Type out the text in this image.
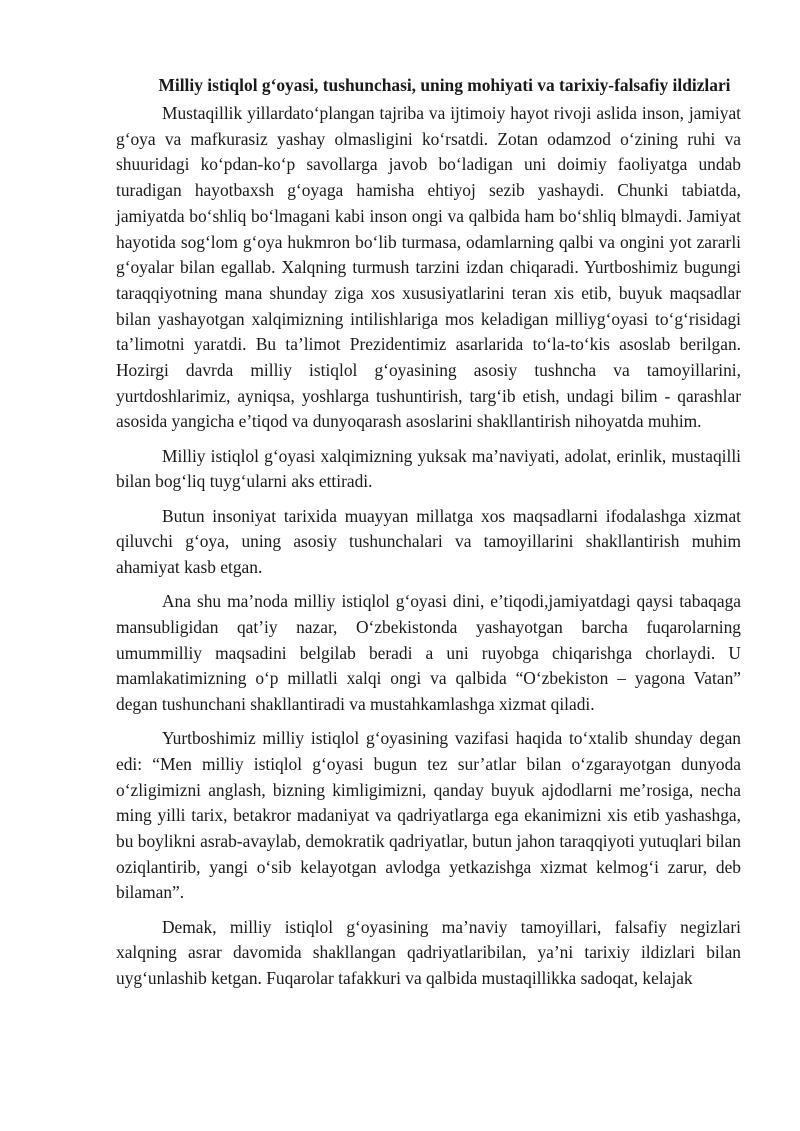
Milliy istiqlol g‘oyasi, tushunchasi, uning mohiyati va tarixiy-falsafiy ildizlari

Mustaqillik yillardato‘plangan tajriba va ijtimoiy hayot rivoji aslida inson, jamiyat g‘oya va mafkurasiz yashay olmasligini ko‘rsatdi. Zotan odamzod o‘zining ruhi va shuuridagi ko‘pdan-ko‘p savollarga javob bo‘ladigan uni doimiy faoliyatga undab turadigan hayotbaxsh g‘oyaga hamisha ehtiyoj sezib yashaydi. Chunki tabiatda, jamiyatda bo‘shliq bo‘lmagani kabi inson ongi va qalbida ham bo‘shliq blmaydi. Jamiyat hayotida sog‘lom g‘oya hukmron bo‘lib turmasa, odamlarning qalbi va ongini yot zararli g‘oyalar bilan egallab. Xalqning turmush tarzini izdan chiqaradi. Yurtboshimiz bugungi taraqqiyotning mana shunday ziga xos xususiyatlarini teran xis etib, buyuk maqsadlar bilan yashayotgan xalqimizning intilishlariga mos keladigan milliyg‘oyasi to‘g‘risidagi ta’limotni yaratdi. Bu ta’limot Prezidentimiz asarlarida to‘la-to‘kis asoslab berilgan. Hozirgi davrda milliy istiqlol g‘oyasining asosiy tushncha va tamoyillarini, yurtdoshlarimiz, ayniqsa, yoshlarga tushuntirish, targ‘ib etish, undagi bilim - qarashlar asosida yangicha e’tiqod va dunyoqarash asoslarini shakllantirish nihoyatda muhim.

Milliy istiqlol g‘oyasi xalqimizning yuksak ma’naviyati, adolat, erinlik, mustaqilli bilan bog‘liq tuyg‘ularni aks ettiradi.

Butun insoniyat tarixida muayyan millatga xos maqsadlarni ifodalashga xizmat qiluvchi g‘oya, uning asosiy tushunchalari va tamoyillarini shakllantirish muhim ahamiyat kasb etgan.

Ana shu ma’noda milliy istiqlol g‘oyasi dini, e’tiqodi,jamiyatdagi qaysi tabaqaga mansubligidan qat’iy nazar, O‘zbekistonda yashayotgan barcha fuqarolarning umummilliy maqsadini belgilab beradi a uni ruyobga chiqarishga chorlaydi. U mamlakatimizning o‘p millatli xalqi ongi va qalbida “O‘zbekiston – yagona Vatan” degan tushunchani shakllantiradi va mustahkamlashga xizmat qiladi.

Yurtboshimiz milliy istiqlol g‘oyasining vazifasi haqida to‘xtalib shunday degan edi: “Men milliy istiqlol g‘oyasi bugun tez sur’atlar bilan o‘zgarayotgan dunyoda o‘zligimizni anglash, bizning kimligimizni, qanday buyuk ajdodlarni me’rosiga, necha ming yilli tarix, betakror madaniyat va qadriyatlarga ega ekanimizni xis etib yashashga, bu boylikni asrab-avaylab, demokratik qadriyatlar, butun jahon taraqqiyoti yutuqlari bilan oziqlantirib, yangi o‘sib kelayotgan avlodga yetkazishga xizmat kelmog‘i zarur, deb bilaman”.

Demak, milliy istiqlol g‘oyasining ma’naviy tamoyillari, falsafiy negizlari xalqning asrar davomida shakllangan qadriyatlaribilan, ya’ni tarixiy ildizlari bilan uyg‘unlashib ketgan. Fuqarolar tafakkuri va qalbida mustaqillikka sadoqat, kelajak
